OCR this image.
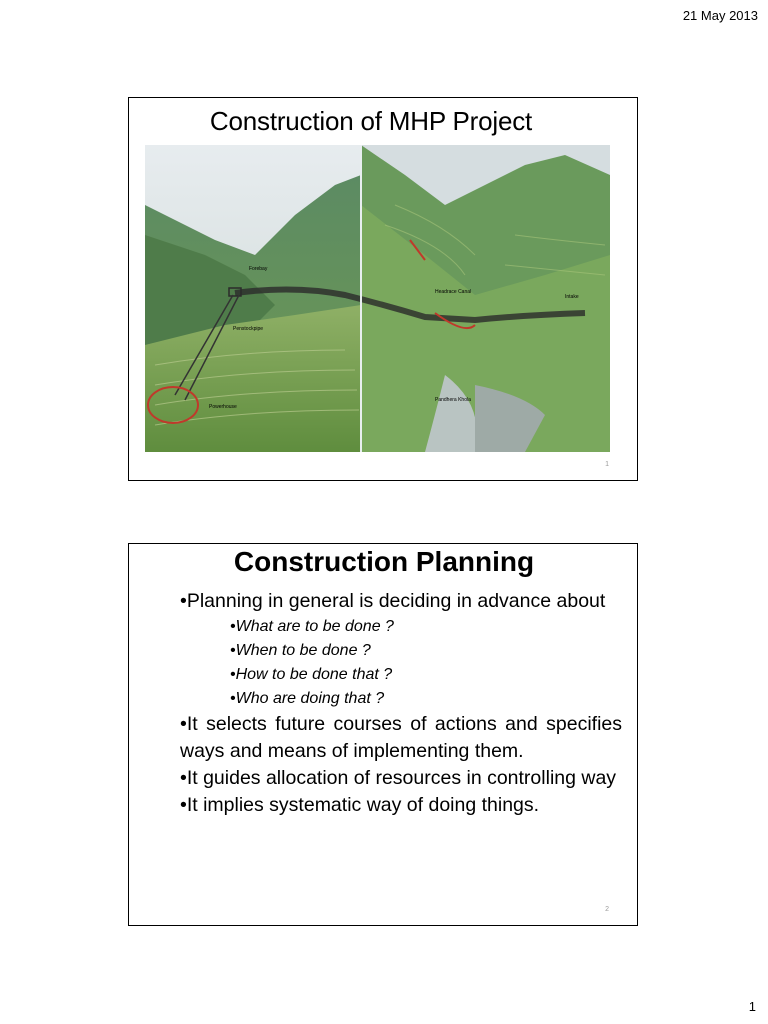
21 May 2013
Construction of MHP Project
Forebay
Penstockpipe
Powerhouse
Headrace Canal
Intake
Pandhera Khola
1
Construction Planning

•Planning in general is deciding in advance about

•What are to be done ?
•When to be done ?
•How to be done that ?
•Who are doing that ?

•It selects future courses of actions and specifies ways and means of implementing them.

•It guides allocation of resources in controlling way

•It implies systematic way of doing things.

2
1
